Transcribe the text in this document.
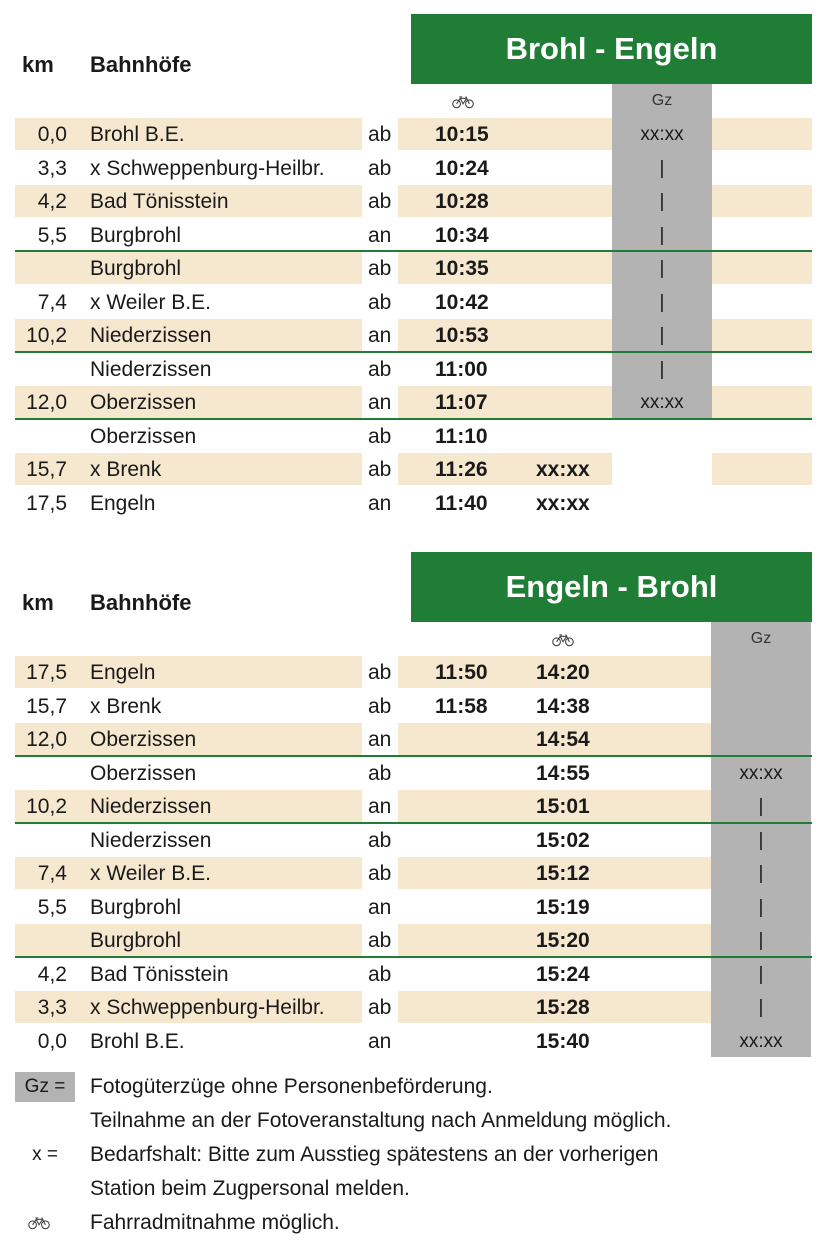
Brohl - Engeln
km Bahnhöfe
Gz
0,0 Brohl B.E.	ab 10:15	xx:xx
3,3 x Schweppenburg-Heilbr. ab 10:24	|
4,2 Bad Tönisstein	ab 10:28	|
5,5 Burgbrohl	an 10:34	|
Burgbrohl	ab 10:35	|
7,4 x Weiler B.E.	ab 10:42	|
10,2 Niederzissen	an 10:53	|
Niederzissen	ab 11:00	|
12,0 Oberzissen	an 11:07	xx:xx
Oberzissen	ab 11:10
15,7 x Brenk	ab 11:26 xx:xx
17,5 Engeln	an 11:40 xx:xx
Engeln - Brohl
km Bahnhöfe
Gz
17,5 Engeln	ab 11:50 14:20
15,7 x Brenk	ab 11:58 14:38
12,0 Oberzissen	an	14:54
Oberzissen	ab	14:55	xx:xx
10,2 Niederzissen	an	15:01	|
Niederzissen	ab	15:02	|
7,4 x Weiler B.E.	ab	15:12	|
5,5 Burgbrohl	an	15:19	|
Burgbrohl	ab	15:20	|
4,2 Bad Tönisstein	ab	15:24	|
3,3 x Schweppenburg-Heilbr. ab	15:28	|
0,0 Brohl B.E.	an	15:40	xx:xx
Gz =	Fotogüterzüge ohne Personenbeförderung.
Teilnahme an der Fotoveranstaltung nach Anmeldung möglich.
x =	Bedarfshalt: Bitte zum Ausstieg spätestens an der vorherigen
Station beim Zugpersonal melden.
Fahrradmitnahme möglich.
